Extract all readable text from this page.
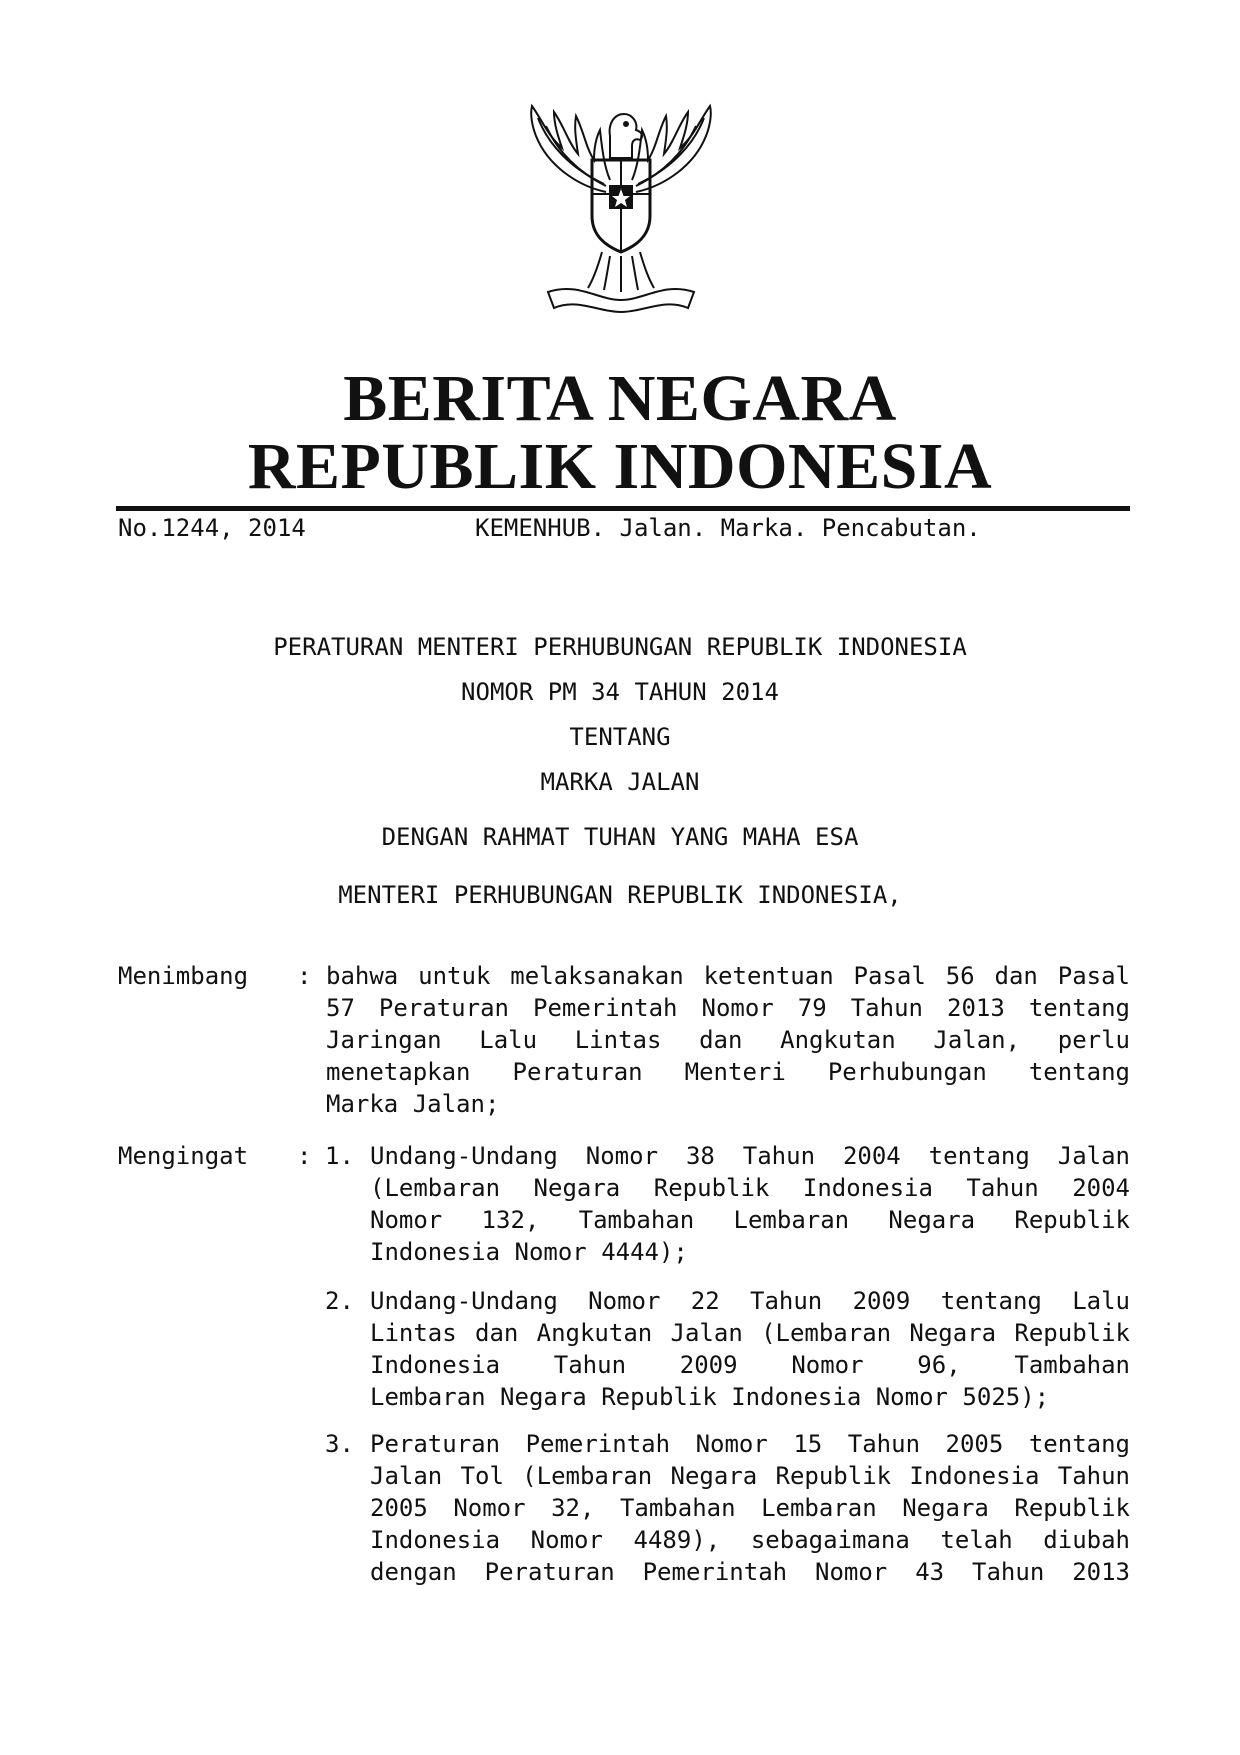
BERITA NEGARA
REPUBLIK INDONESIA
No.1244, 2014	KEMENHUB. Jalan. Marka. Pencabutan.
PERATURAN MENTERI PERHUBUNGAN REPUBLIK INDONESIA
NOMOR PM 34 TAHUN 2014
TENTANG
MARKA JALAN
DENGAN RAHMAT TUHAN YANG MAHA ESA
MENTERI PERHUBUNGAN REPUBLIK INDONESIA,
Menimbang : bahwa untuk melaksanakan ketentuan Pasal 56 dan Pasal
57 Peraturan Pemerintah Nomor 79 Tahun 2013 tentang
Jaringan Lalu Lintas dan Angkutan Jalan, perlu
menetapkan Peraturan Menteri Perhubungan tentang
Marka Jalan;
Mengingat : 1. Undang-Undang Nomor 38 Tahun 2004 tentang Jalan
(Lembaran Negara Republik Indonesia Tahun 2004
Nomor 132, Tambahan Lembaran Negara Republik
Indonesia Nomor 4444);
2. Undang-Undang Nomor 22 Tahun 2009 tentang Lalu
Lintas dan Angkutan Jalan (Lembaran Negara Republik
Indonesia Tahun 2009 Nomor 96, Tambahan
Lembaran Negara Republik Indonesia Nomor 5025);
3. Peraturan Pemerintah Nomor 15 Tahun 2005 tentang
Jalan Tol (Lembaran Negara Republik Indonesia Tahun
2005 Nomor 32, Tambahan Lembaran Negara Republik
Indonesia Nomor 4489), sebagaimana telah diubah
dengan Peraturan Pemerintah Nomor 43 Tahun 2013
